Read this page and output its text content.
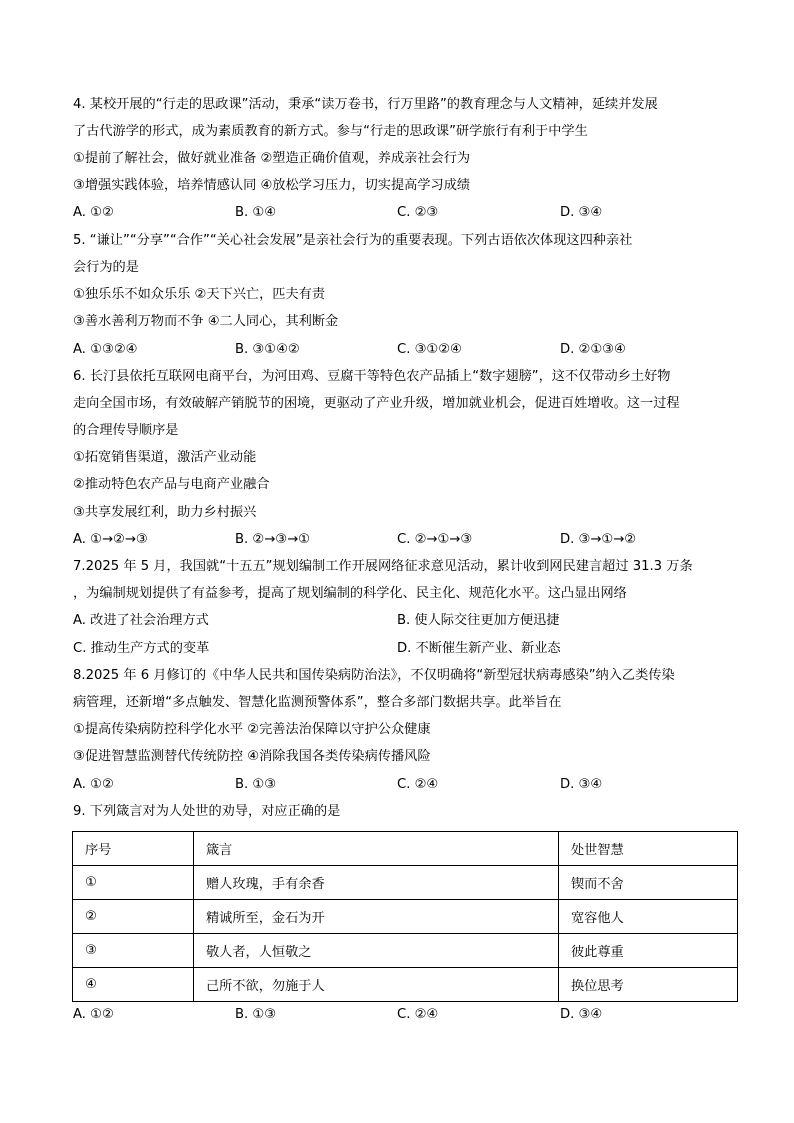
4. 某校开展的“行走的思政课”活动，秉承“读万卷书，行万里路”的教育理念与人文精神，延续并发展
了古代游学的形式，成为素质教育的新方式。参与“行走的思政课”研学旅行有利于中学生
①提前了解社会，做好就业准备 ②塑造正确价值观，养成亲社会行为
③增强实践体验，培养情感认同 ④放松学习压力，切实提高学习成绩
A. ①②	B. ①④	C. ②③	D. ③④
5. “谦让”“分享”“合作”“关心社会发展”是亲社会行为的重要表现。下列古语依次体现这四种亲社
会行为的是
①独乐乐不如众乐乐 ②天下兴亡，匹夫有责
③善水善利万物而不争 ④二人同心，其利断金
A. ①③②④	B. ③①④②	C. ③①②④	D. ②①③④
6. 长汀县依托互联网电商平台，为河田鸡、豆腐干等特色农产品插上“数字翅膀”，这不仅带动乡土好物
走向全国市场，有效破解产销脱节的困境，更驱动了产业升级，增加就业机会，促进百姓增收。这一过程
的合理传导顺序是
①拓宽销售渠道，激活产业动能
②推动特色农产品与电商产业融合
③共享发展红利，助力乡村振兴
A. ①→②→③	B. ②→③→①	C. ②→①→③	D. ③→①→②
7.2025 年 5 月，我国就“十五五”规划编制工作开展网络征求意见活动，累计收到网民建言超过 31.3 万条
，为编制规划提供了有益参考，提高了规划编制的科学化、民主化、规范化水平。这凸显出网络
A. 改进了社会治理方式	B. 使人际交往更加方便迅捷
C. 推动生产方式的变革	D. 不断催生新产业、新业态
8.2025 年 6 月修订的《中华人民共和国传染病防治法》，不仅明确将“新型冠状病毒感染”纳入乙类传染
病管理，还新增“多点触发、智慧化监测预警体系”，整合多部门数据共享。此举旨在
①提高传染病防控科学化水平 ②完善法治保障以守护公众健康
③促进智慧监测替代传统防控 ④消除我国各类传染病传播风险
A. ①②	B. ①③	C. ②④	D. ③④
9. 下列箴言对为人处世的劝导，对应正确的是
序号	箴言	处世智慧
①	赠人玫瑰，手有余香	锲而不舍
②	精诚所至，金石为开	宽容他人
③	敬人者，人恒敬之	彼此尊重
④	己所不欲，勿施于人	换位思考
A. ①②	B. ①③	C. ②④	D. ③④
